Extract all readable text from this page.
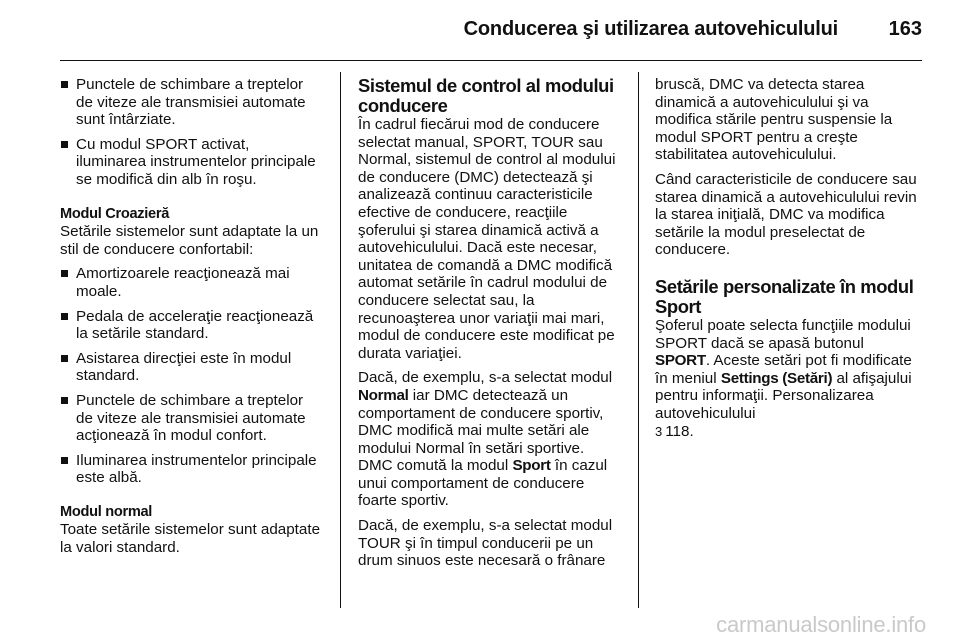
Conducerea şi utilizarea autovehiculului	163
Punctele de schimbare a treptelor de viteze ale transmisiei automate sunt întârziate.
Cu modul SPORT activat, iluminarea instrumentelor principale se modifică din alb în roşu.
Modul Croazieră

Setările sistemelor sunt adaptate la un stil de conducere confortabil:

Amortizoarele reacţionează mai moale.
Pedala de acceleraţie reacţionează la setările standard.
Asistarea direcţiei este în modul standard.
Punctele de schimbare a treptelor de viteze ale transmisiei automate acţionează în modul confort.
Iluminarea instrumentelor principale este albă.
Modul normal

Toate setările sistemelor sunt adaptate la valori standard.

Sistemul de control al modului conducere

În cadrul fiecărui mod de conducere selectat manual, SPORT, TOUR sau Normal, sistemul de control al modului de conducere (DMC) detectează şi analizează continuu caracteristicile efective de conducere, reacţiile şoferului şi starea dinamică activă a autovehiculului. Dacă este necesar, unitatea de comandă a DMC modifică automat setările în cadrul modului de conducere selectat sau, la recunoaşterea unor variaţii mai mari, modul de conducere este modificat pe durata variaţiei.

Dacă, de exemplu, s-a selectat modul Normal iar DMC detectează un comportament de conducere sportiv, DMC modifică mai multe setări ale modului Normal în setări sportive. DMC comută la modul Sport în cazul unui comportament de conducere foarte sportiv.

Dacă, de exemplu, s-a selectat modul TOUR şi în timpul conducerii pe un drum sinuos este necesară o frânare

bruscă, DMC va detecta starea dinamică a autovehiculului şi va modifica stările pentru suspensie la modul SPORT pentru a creşte stabilitatea autovehiculului.

Când caracteristicile de conducere sau starea dinamică a autovehiculului revin la starea iniţială, DMC va modifica setările la modul preselectat de conducere.

Setările personalizate în modul Sport

Şoferul poate selecta funcţiile modului SPORT dacă se apasă butonul SPORT. Aceste setări pot fi modificate în meniul Settings (Setări) al afişajului pentru informaţii. Personalizarea autovehiculului
3 118.

carmanualsonline.info
